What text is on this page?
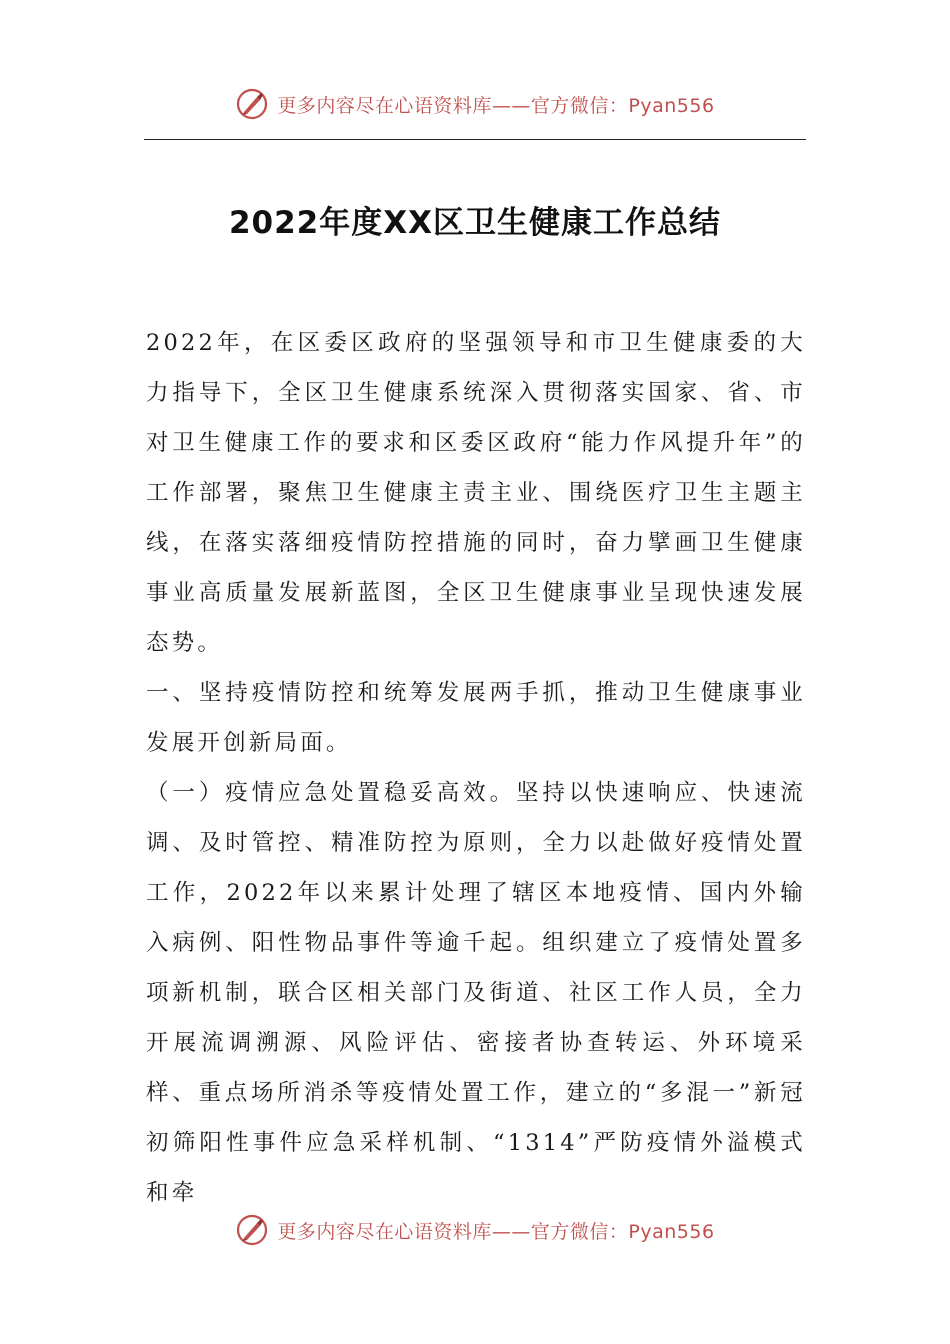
更多内容尽在心语资料库——官方微信：Pyan556
2022年度XX区卫生健康工作总结

2022年，在区委区政府的坚强领导和市卫生健康委的大力指导下，全区卫生健康系统深入贯彻落实国家、省、市对卫生健康工作的要求和区委区政府“能力作风提升年”的工作部署，聚焦卫生健康主责主业、围绕医疗卫生主题主线，在落实落细疫情防控措施的同时，奋力擘画卫生健康事业高质量发展新蓝图，全区卫生健康事业呈现快速发展态势。

一、坚持疫情防控和统筹发展两手抓，推动卫生健康事业发展开创新局面。

（一）疫情应急处置稳妥高效。坚持以快速响应、快速流调、及时管控、精准防控为原则，全力以赴做好疫情处置工作，2022年以来累计处理了辖区本地疫情、国内外输入病例、阳性物品事件等逾千起。组织建立了疫情处置多项新机制，联合区相关部门及街道、社区工作人员，全力开展流调溯源、风险评估、密接者协查转运、外环境采样、重点场所消杀等疫情处置工作，建立的“多混一”新冠初筛阳性事件应急采样机制、“1314”严防疫情外溢模式和牵

更多内容尽在心语资料库——官方微信：Pyan556
